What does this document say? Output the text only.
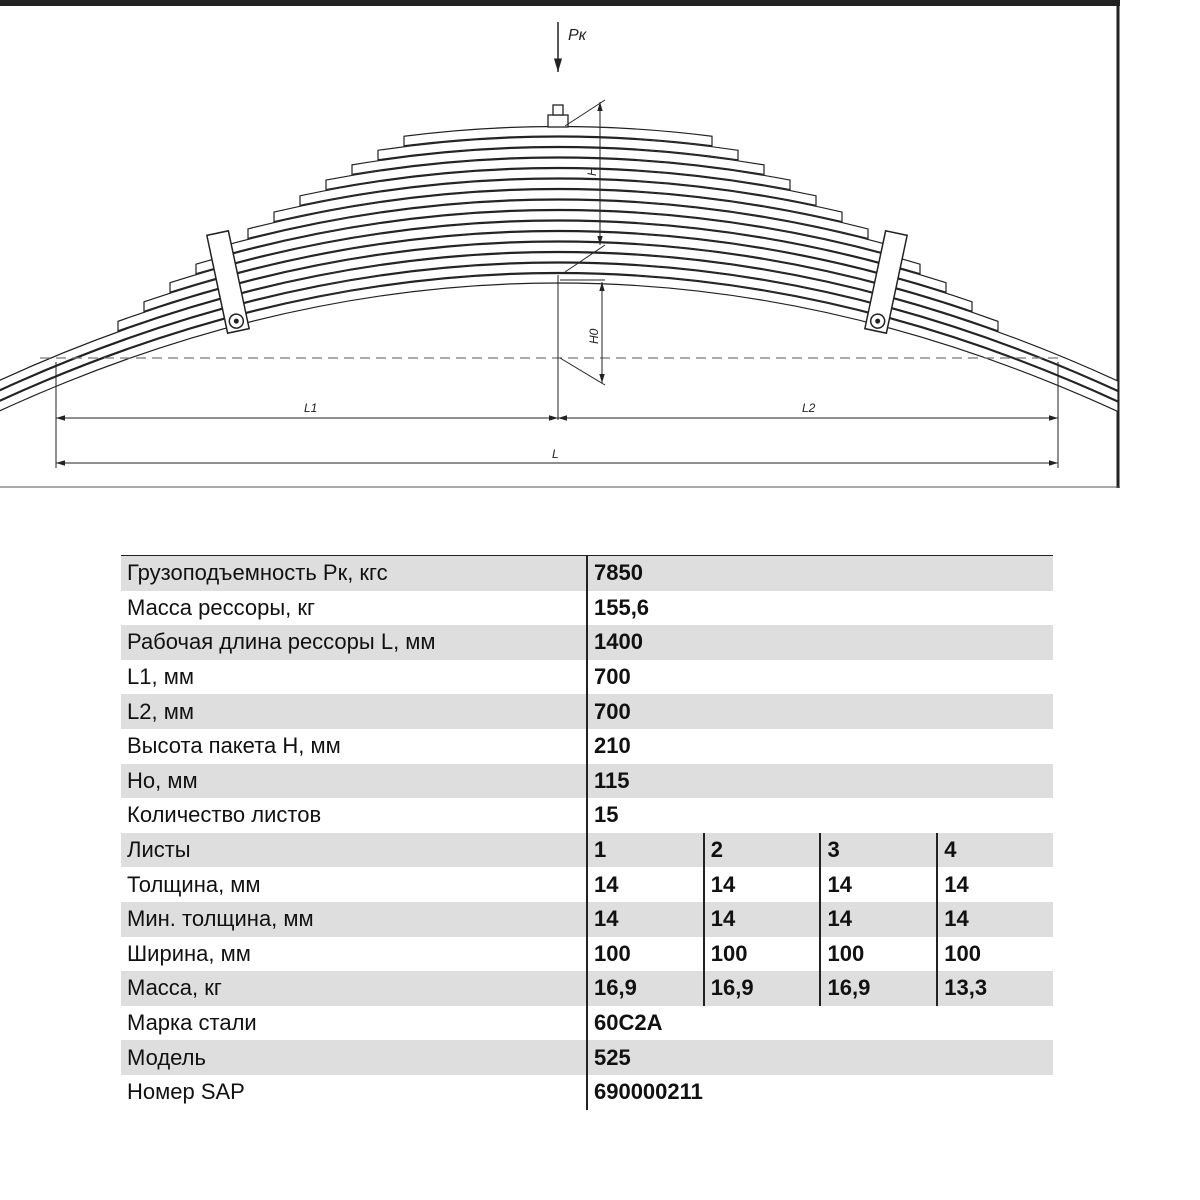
Pк
H
H0
L1	L2
L
Грузоподъемность Рк, кгс	7850			
Масса рессоры, кг	155,6			
Рабочая длина рессоры L, мм	1400			
L1, мм	700			
L2, мм	700			
Высота пакета H, мм	210			
Hо, мм	115			
Количество листов	15			
Листы	1	2	3	4
Толщина, мм	14	14	14	14
Мин. толщина, мм	14	14	14	14
Ширина, мм	100	100	100	100
Масса, кг	16,9	16,9	16,9	13,3
Марка стали	60С2А			
Модель	525			
Номер SAP	690000211			
